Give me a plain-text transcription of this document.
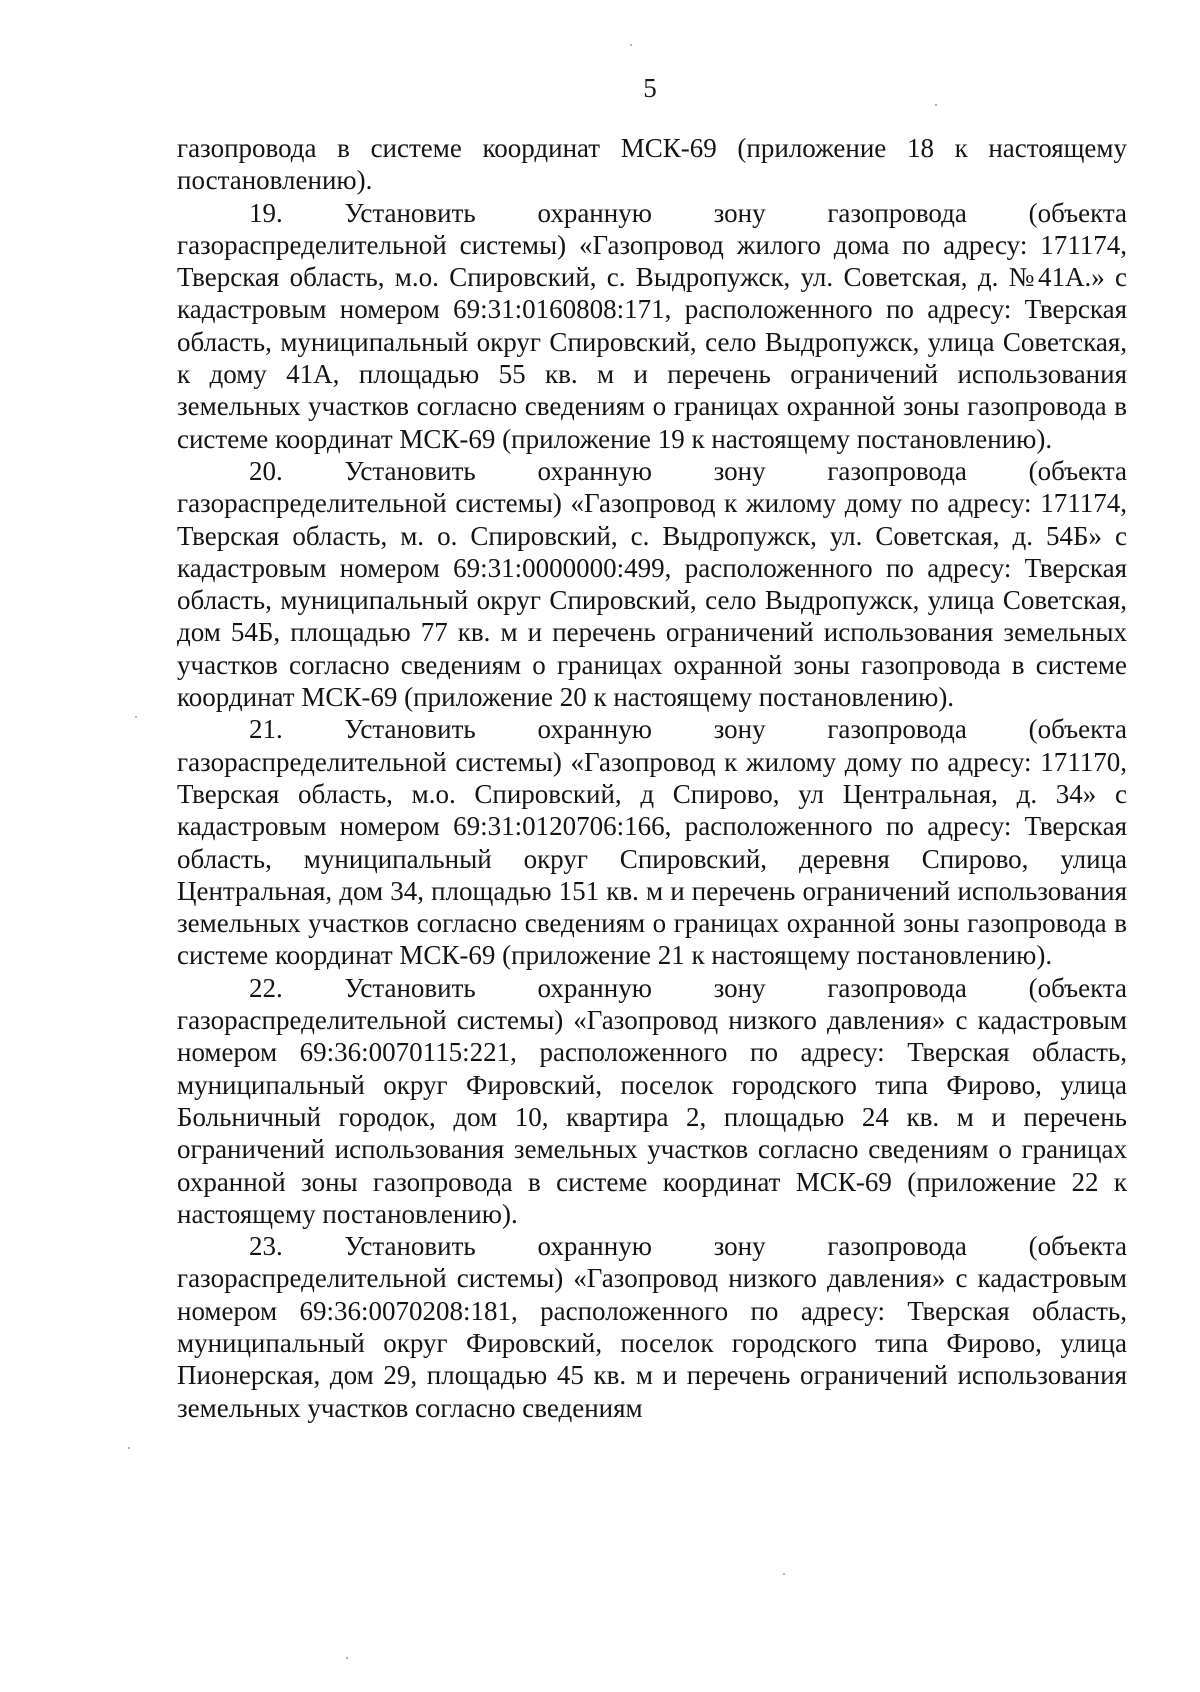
5

газопровода в системе координат МСК-69 (приложение 18 к настоящему постановлению).

19. Установить охранную зону газопровода (объекта газораспределительной системы) «Газопровод жилого дома по адресу: 171174, Тверская область, м.о. Спировский, с. Выдропужск, ул. Советская, д. №41А.» с кадастровым номером 69:31:0160808:171, расположенного по адресу: Тверская область, муниципальный округ Спировский, село Выдропужск, улица Советская, к дому 41А, площадью 55 кв. м и перечень ограничений использования земельных участков согласно сведениям о границах охранной зоны газопровода в системе координат МСК-69 (приложение 19 к настоящему постановлению).

20. Установить охранную зону газопровода (объекта газораспределительной системы) «Газопровод к жилому дому по адресу: 171174, Тверская область, м. о. Спировский, с. Выдропужск, ул. Советская, д. 54Б» с кадастровым номером 69:31:0000000:499, расположенного по адресу: Тверская область, муниципальный округ Спировский, село Выдропужск, улица Советская, дом 54Б, площадью 77 кв. м и перечень ограничений использования земельных участков согласно сведениям о границах охранной зоны газопровода в системе координат МСК-69 (приложение 20 к настоящему постановлению).

21. Установить охранную зону газопровода (объекта газораспределительной системы) «Газопровод к жилому дому по адресу: 171170, Тверская область, м.о. Спировский, д Спирово, ул Центральная, д. 34» с кадастровым номером 69:31:0120706:166, расположенного по адресу: Тверская область, муниципальный округ Спировский, деревня Спирово, улица Центральная, дом 34, площадью 151 кв. м и перечень ограничений использования земельных участков согласно сведениям о границах охранной зоны газопровода в системе координат МСК-69 (приложение 21 к настоящему постановлению).

22. Установить охранную зону газопровода (объекта газораспределительной системы) «Газопровод низкого давления» с кадастровым номером 69:36:0070115:221, расположенного по адресу: Тверская область, муниципальный округ Фировский, поселок городского типа Фирово, улица Больничный городок, дом 10, квартира 2, площадью 24 кв. м и перечень ограничений использования земельных участков согласно сведениям о границах охранной зоны газопровода в системе координат МСК-69 (приложение 22 к настоящему постановлению).

23. Установить охранную зону газопровода (объекта газораспределительной системы) «Газопровод низкого давления» с кадастровым номером 69:36:0070208:181, расположенного по адресу: Тверская область, муниципальный округ Фировский, поселок городского типа Фирово, улица Пионерская, дом 29, площадью 45 кв. м и перечень ограничений использования земельных участков согласно сведениям
